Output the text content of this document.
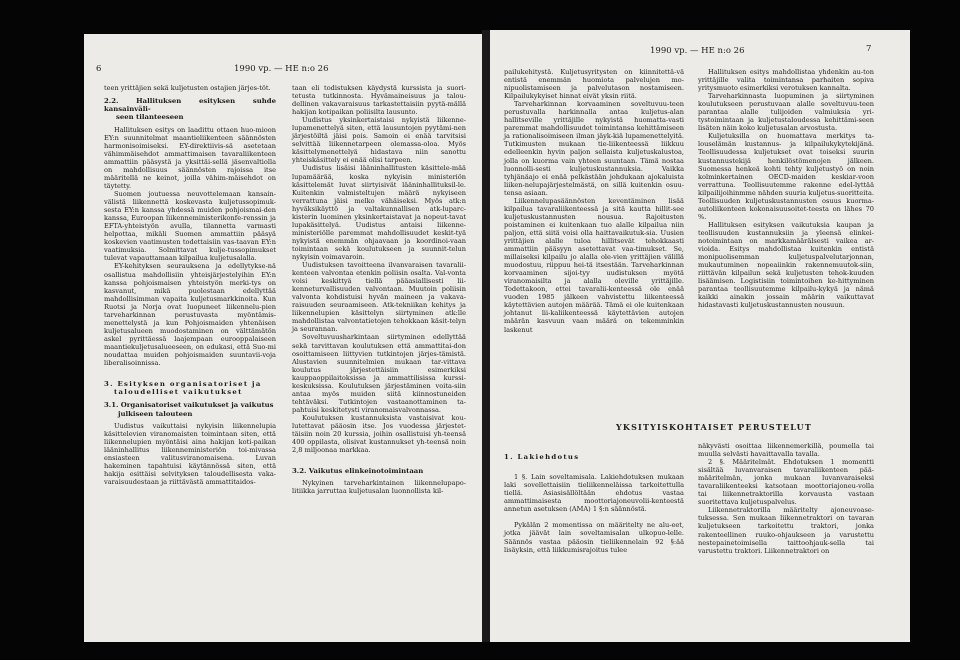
6	1990 vp. — HE n:o 26

teen yrittäjien sekä kuljetusten ostajien järjes-töt.

2.2. Hallituksen esityksen suhde kansainväli-
seen tilanteeseen

Hallituksen esitys on laadittu ottaen huo-mioon EY:n suunnitelmat maantieliikenteen säännösten harmonisoimiseksi. EY-direktiivis-sä asetetaan vähimmäisehdot ammattimaisen tavaraliikenteen ammattiin pääsystä ja yksittäi-sellä jäsenvaltiolla on mahdollisuus säännösten rajoissa itse määritellä ne keinot, joilla vähim-mäisehdot on täytetty.

Suomen joutuessa neuvottelemaan kansain-välistä liikennettä koskevasta kuljetussopimuk-sesta EY:n kanssa yhdessä muiden pohjoismai-den kanssa, Euroopan liikenneministerikonfe-renssin ja EFTA-yhteistyön avulla, tilannetta varmasti helpottaa, mikäli Suomen ammattiin pääsyä koskevien vaatimusten todettaisiin vas-taavan EY:n vaatimuksia. Solmittavat kulje-tussopimukset tulevat vapauttamaan kilpailua kuljetusalalla.

EY-kehityksen seurauksena ja edellytykse-nä osallistua mahdollisiin yhteisjärjestelyihin EY:n kanssa pohjoismaisen yhteistyön merki-tys on kasvanut, mikä puolestaan edellyttää mahdollisimman vapaita kuljetusmarkkinoita. Kun Ruotsi ja Norja ovat luopuneet liikennelu-pien tarveharkinnan perustuvasta myöntämis-menettelystä ja kun Pohjoismaiden yhtenäisen kuljetusalueen muodostaminen on välttämätön askel pyrittäessä laajempaan eurooppalaiseen maantiekuljetusalueeseen, on edukasi, että Suo-mi noudattaa muiden pohjoismaiden suuntavii-voja liberalisoinnissa.

3. Esityksen organisatoriset ja
taloudelliset vaikutukset
3.1. Organisatoriset vaikutukset ja vaikutus
julkiseen talouteen

Uudistus vaikuttaisi nykyisin liikennelupia käsittelevien viranomaisten toimintaan siten, että liikennelupien myöntäisi aina hakijan koti-paikan lääninhallitus liikenneministeriön toi-mivassa ensiasteen valitusviranomaisena. Luvan hakeminen tapahtuisi käytännössä siten, että hakija esittäisi selvityksen taloudellisesta vaka-varaisuudestaan ja riittävästä ammattitaidos-

taan eli todistuksen käydystä kurssista ja suori-tetusta tutkinnosta. Hyvämaineisuus ja talou-dellinen vakavaraisuus tarkastettaisiin pyytä-mällä hakijan kotipaikan poliisilta lausunto.

Uudistus yksinkertaistaisi nykyistä liikenne-lupamenettelyä siten, että lausuntojen pyytämi-nen järjestöiltä jäisi pois. Samoin ei enää tarvitsisi selvittää liikennetarpeen olemassa-oloa. Myös käsittelymenettelyä hidastava niin sanottu yhteiskäsittely ei enää olisi tarpeen.

Uudistus lisäisi lääninhallitusten käsittele-mää lupamäärää, koska nykyisin ministeriön käsittelemät luvat siirtyisivät lääninhallituksil-le. Kuitenkin valmisteltujen määrä nykyiseen verrattuna jäisi melko vähäiseksi. Myös atk:n hyväksikäyttö ja valtakunnallisen atk-luparc-kisterin luominen yksinkertaistavat ja nopeut-tavat lupakäsittelyä. Uudistus antaisi liikenne-ministeriölle paremmat mahdollisuudet keskit-tyä nykyistä enemmän ohjaavaan ja koordinoi-vaan toimintaan sekä koulutukseen ja suunnit-telun nykyisin voimavaroin.

Uudistuksen tavoitteena ilvanvaraisen tavaralii-kenteen valvontaa etenkin poliisin osalta. Val-vonta voisi keskittyä tiellä pääasiallisesti lii-kenneturvallisuuden valvontaan. Muutoin poliisin valvonta kohdistuisi hyvän maineen ja vakava-raisuuden seuraamiseen. Atk-tekniikan kehitys ja liikennelupien käsittelyn siirtyminen atk:lle mahdollistaa valvontatietojen tehokkaan käsit-telyn ja seurannan.

Soveltuvuusharkintaan siirtyminen edellyttää sekä tarvittavan koulutuksen että ammattitai-don osoittamiseen liittyvien tutkintojen järjes-tämistä. Alustavien suunnitelmien mukaan tar-vittava koulutus järjestettäisiin esimerkiksi kauppaoppilaitoksissa ja ammattilisissa kurssi-keskuksissa. Koulutuksen järjestäminen voita-siin antaa myös muiden siitä kiinnostuneiden tehtäväksi. Tutkintojen vastaanottaminen ta-pahtuisi keskitetysti viranomaisvalvonnassa.

Koulutuksen kustannuksista vastaisivat kou-lutettavat pääosin itse. Jos vuodessa järjestet-täisiin noin 20 kurssia, joihin osallistuisi yh-teensä 400 oppilasta, olisivat kustannukset yh-teensä noin 2,8 miljoonaa markkaa.

3.2. Vaikutus elinkeinotoimintaan

Nykyinen tarveharkintainen liikennelupapo-litiikka jarruttaa kuljetusalan luonnollista kil-

1990 vp. — HE n:o 26	7

pailukehitystä. Kuljetusyritysten on kiinnitettä-vä entistä enemmän huomiota palvelujen mo-nipuolistamiseen ja palvelutason nostamiseen. Kilpailukykyiset hinnat eivät yksin riitä.

Tarveharkinnan korvaaminen soveltuvuu-teen perustuvalla harkinnalla antaa kuljetus-alan hallitseville yrittäjille nykyistä huomatta-vasti paremmat mahdollisuudet toimintansa kehittämiseen ja rationalisoimiseen ilman jäyk-kiä lupamenettelyitä. Tutkimusten mukaan tie-liikenteessä liikkuu edelleenkin hyvin paljon sellaista kuljetuskalustoa, jolla on kuorma vain yhteen suuntaan. Tämä nostaa luonnolli-sesti kuljetuskustannuksia. Vaikka tyhjänäajo ei enää pelkästään johdukaan ajokaluista liiken-nelupajärjestelmästä, on sillä kuitenkin osuu-tensa asiaan.

Liikennelupasäännösten keventäminen lisää kilpailua tavaraliikenteessä ja sitä kautta hillit-see kuljetuskustannusten nousua. Rajoitusten poistaminen ei kuitenkaan tuo alalle kilpailua niin paljon, että siitä voisi olla haittavaikutuk-sia. Uusien yrittäjien alalle tuloa hillitsevät tehokkaasti ammattiin pääsyyn asetettavat vaa-timukset. Se, millaiseksi kilpailu jo alalla ole-vien yrittäjien välillä muodostuu, riippuu hei-tä itsestään. Tarveharkinnan korvaaminen sijoi-tyy uudistuksen myötä viranomaisilta ja alalla oleville yrittäjille. Todettakoon, ettei tavaralii-kenteessä ole enää vuoden 1985 jälkeen vahvistettu liikenteessä käytettävien autojen määrää. Tämä ei ole kuitenkaan johtanut lii-kaliikenteessä käytettävien autojen määrän kasvuun vaan määrä on tekemminkin laskenut

Hallituksen esitys mahdollistaa yhdenkin au-ton yrittäjille valita toimintansa parhaiten sopiva yritysmuoto esimerkiksi verotuksen kannalta.

Tarveharkinnasta luopuminen ja siirtyminen koulutukseen perustuvaan alalle soveltuvuu-teen parantaa alalle tulijoiden valmiuksia yri-tystoimintaan ja kuljetustaloudessa kehittämi-seen lisäten näin koko kuljetusalan arvostusta.

Kuljetuksilla on huomattava merkitys ta-louselämän kustannus- ja kilpailukykytekijänä. Teollisuudessa kuljetukset ovat toiseksi suurin kustannustekijä henkilöstömenojen jälkeen. Suomessa henkeä kohti tehty kuljetustyö on noin kolminkertainen OECD-maiden keskiar-voon verrattuna. Teollisuutemme rakenne edel-lyttää kilpailijoihinmme nähden suuria kuljetus-suoritteita. Teollisuuden kuljetuskustannusten osuus kuorma-autoliikenteen kokonaisuusoitet-teesta on lähes 70 %.

Hallituksen esityksen vaikutuksia kaupan ja teollisuuden kustannuksiin ja yleensä elinkei-notoimintaan on markkamäärälsesti vaikea ar-vioida. Esitys mahdollistaa kuitenkin entistä monipuolisemman kuljetuspalvelutarjonnan, mukautuminen nopeaiinkin rakennemuutok-siin, riittävän kilpailun sekä kuljetusten tehok-kuuden lisäämisen. Logistisiin toimintoihen ke-hittyminen parantaa teollisuutemme kilpailu-kykyä ja nämä kaikki ainakin jossain määrin vaikuttavat hidastavasti kuljetuskustannusten nousuun.

YKSITYISKOHTAISET PERUSTELUT
1. Lakiehdotus

1 §. Lain soveltamisala. Lakiehdotuksen mukaan laki sovellettaisiin tieliikenneläissa tarkoitettulla tiellä. Asiasisällöltään ehdotus vastaa ammattimaisesta moottoriajoneuvolii-kenteestä annetun asetuksen (AMA) 1 §:n säännöstä.

Pykälän 2 momentissa on määritelty ne alu-eet, jotka jäävät lain soveltamisalan ulkopuo-lelle. Säännös vastaa pääosin tieliikennelain 92 §:ää lisäyksin, että liikkumisrajoitus tulee

näkyvästi osoittaa liikennemerkillä, poumella tai muulla selvästi havaittavalla tavalla.

2 §. Määritelmät. Ehdotuksen 1 momentti sisältää luvanvaraisen tavaraliikenteen pää-määritelmän, jonka mukaan luvanvaraiseksi tavaraliikenteeksi katsotaan moottoriajoneu-volla tai liikennetraktorilla korvausta vastaan suoritettava kuljetuspalvelus.

Liikennetraktorilla määritelty ajoneuvoase-tuksessa. Sen mukaan liikennetraktori on tavaran kuljetukseen tarkoitettu traktori, jonka rakenteellinen ruuko-ohjaukseen ja varustettu nestepainetoimisella taittoohjauk-sella tai varustettu traktori. Liikennetraktori on
